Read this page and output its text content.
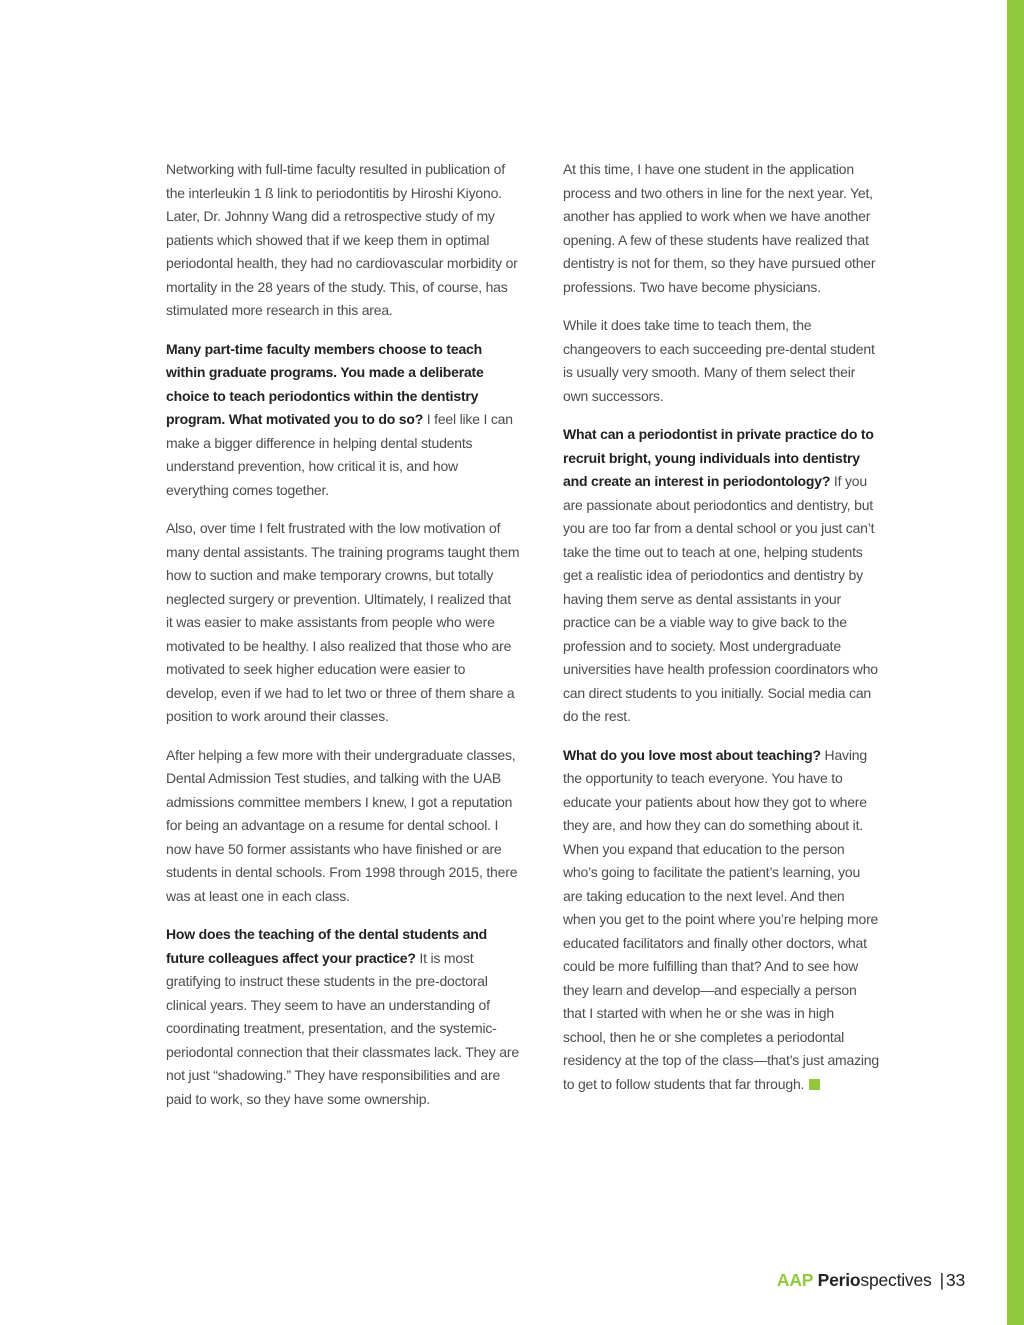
Networking with full-time faculty resulted in publication of the interleukin 1 ß link to periodontitis by Hiroshi Kiyono. Later, Dr. Johnny Wang did a retrospective study of my patients which showed that if we keep them in optimal periodontal health, they had no cardiovascular morbidity or mortality in the 28 years of the study. This, of course, has stimulated more research in this area.

Many part-time faculty members choose to teach within graduate programs. You made a deliberate choice to teach periodontics within the dentistry program. What motivated you to do so? I feel like I can make a bigger difference in helping dental students understand prevention, how critical it is, and how everything comes together.

Also, over time I felt frustrated with the low motivation of many dental assistants. The training programs taught them how to suction and make temporary crowns, but totally neglected surgery or prevention. Ultimately, I realized that it was easier to make assistants from people who were motivated to be healthy. I also realized that those who are motivated to seek higher education were easier to develop, even if we had to let two or three of them share a position to work around their classes.

After helping a few more with their undergraduate classes, Dental Admission Test studies, and talking with the UAB admissions committee members I knew, I got a reputation for being an advantage on a resume for dental school. I now have 50 former assistants who have finished or are students in dental schools. From 1998 through 2015, there was at least one in each class.

How does the teaching of the dental students and future colleagues affect your practice? It is most gratifying to instruct these students in the pre-doctoral clinical years. They seem to have an understanding of coordinating treatment, presentation, and the systemic-periodontal connection that their classmates lack. They are not just “shadowing.” They have responsibilities and are paid to work, so they have some ownership.

At this time, I have one student in the application process and two others in line for the next year. Yet, another has applied to work when we have another opening. A few of these students have realized that dentistry is not for them, so they have pursued other professions. Two have become physicians.

While it does take time to teach them, the changeovers to each succeeding pre-dental student is usually very smooth. Many of them select their own successors.

What can a periodontist in private practice do to recruit bright, young individuals into dentistry and create an interest in periodontology? If you are passionate about periodontics and dentistry, but you are too far from a dental school or you just can’t take the time out to teach at one, helping students get a realistic idea of periodontics and dentistry by having them serve as dental assistants in your practice can be a viable way to give back to the profession and to society. Most undergraduate universities have health profession coordinators who can direct students to you initially. Social media can do the rest.

What do you love most about teaching? Having the opportunity to teach everyone. You have to educate your patients about how they got to where they are, and how they can do something about it. When you expand that education to the person who’s going to facilitate the patient’s learning, you are taking education to the next level. And then when you get to the point where you’re helping more educated facilitators and finally other doctors, what could be more fulfilling than that? And to see how they learn and develop—and especially a person that I started with when he or she was in high school, then he or she completes a periodontal residency at the top of the class—that’s just amazing to get to follow students that far through.

AAP Periospectives | 33
